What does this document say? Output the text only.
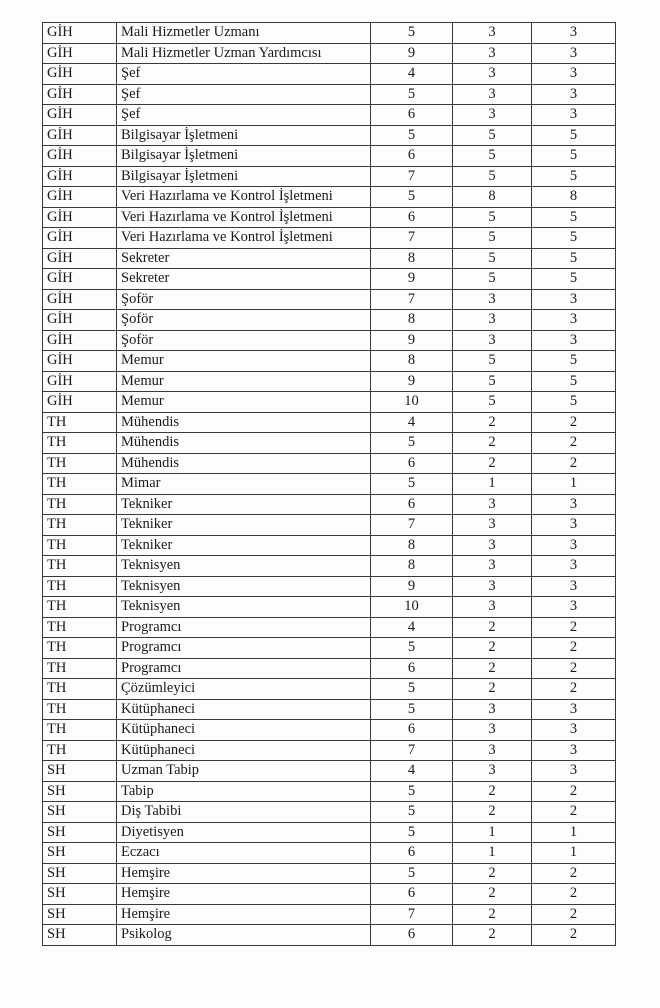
GİH	Mali Hizmetler Uzmanı	5	3	3
GİH	Mali Hizmetler Uzman Yardımcısı	9	3	3
GİH	Şef	4	3	3
GİH	Şef	5	3	3
GİH	Şef	6	3	3
GİH	Bilgisayar İşletmeni	5	5	5
GİH	Bilgisayar İşletmeni	6	5	5
GİH	Bilgisayar İşletmeni	7	5	5
GİH	Veri Hazırlama ve Kontrol İşletmeni	5	8	8
GİH	Veri Hazırlama ve Kontrol İşletmeni	6	5	5
GİH	Veri Hazırlama ve Kontrol İşletmeni	7	5	5
GİH	Sekreter	8	5	5
GİH	Sekreter	9	5	5
GİH	Şoför	7	3	3
GİH	Şoför	8	3	3
GİH	Şoför	9	3	3
GİH	Memur	8	5	5
GİH	Memur	9	5	5
GİH	Memur	10	5	5
TH	Mühendis	4	2	2
TH	Mühendis	5	2	2
TH	Mühendis	6	2	2
TH	Mimar	5	1	1
TH	Tekniker	6	3	3
TH	Tekniker	7	3	3
TH	Tekniker	8	3	3
TH	Teknisyen	8	3	3
TH	Teknisyen	9	3	3
TH	Teknisyen	10	3	3
TH	Programcı	4	2	2
TH	Programcı	5	2	2
TH	Programcı	6	2	2
TH	Çözümleyici	5	2	2
TH	Kütüphaneci	5	3	3
TH	Kütüphaneci	6	3	3
TH	Kütüphaneci	7	3	3
SH	Uzman Tabip	4	3	3
SH	Tabip	5	2	2
SH	Diş Tabibi	5	2	2
SH	Diyetisyen	5	1	1
SH	Eczacı	6	1	1
SH	Hemşire	5	2	2
SH	Hemşire	6	2	2
SH	Hemşire	7	2	2
SH	Psikolog	6	2	2
